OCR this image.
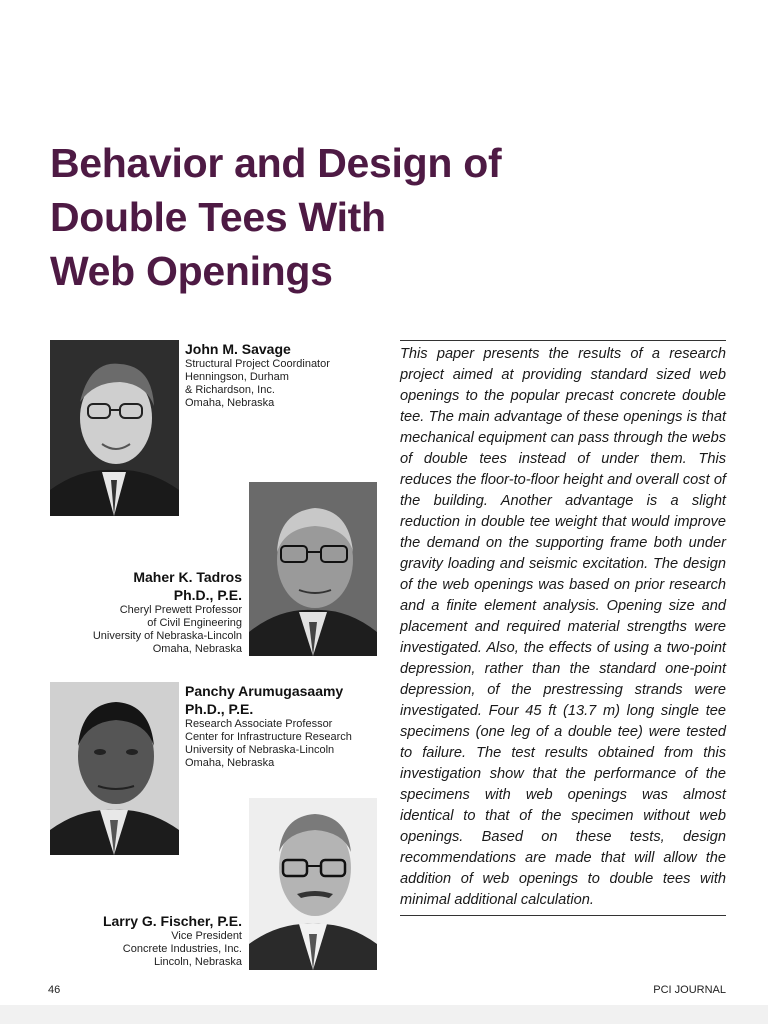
Behavior and Design of
Double Tees With
Web Openings
John M. Savage
Structural Project Coordinator
Henningson, Durham
& Richardson, Inc.
Omaha, Nebraska
Maher K. Tadros
Ph.D., P.E.
Cheryl Prewett Professor
of Civil Engineering
University of Nebraska-Lincoln
Omaha, Nebraska
Panchy Arumugasaamy
Ph.D., P.E.
Research Associate Professor
Center for Infrastructure Research
University of Nebraska-Lincoln
Omaha, Nebraska
Larry G. Fischer, P.E.
Vice President
Concrete Industries, Inc.
Lincoln, Nebraska

This paper presents the results of a research project aimed at providing standard sized web openings to the popular precast concrete double tee. The main advantage of these openings is that mechanical equipment can pass through the webs of double tees instead of under them. This reduces the floor-to-floor height and overall cost of the building. Another advantage is a slight reduction in double tee weight that would improve the demand on the supporting frame both under gravity loading and seismic excitation. The design of the web openings was based on prior research and a finite element analysis. Opening size and placement and required material strengths were investigated. Also, the effects of using a two-point depression, rather than the standard one-point depression, of the prestressing strands were investigated. Four 45 ft (13.7 m) long single tee specimens (one leg of a double tee) were tested to failure. The test results obtained from this investigation show that the performance of the specimens with web openings was almost identical to that of the specimen without web openings. Based on these tests, design recommendations are made that will allow the addition of web openings to double tees with minimal additional calculation.

46	PCI JOURNAL
